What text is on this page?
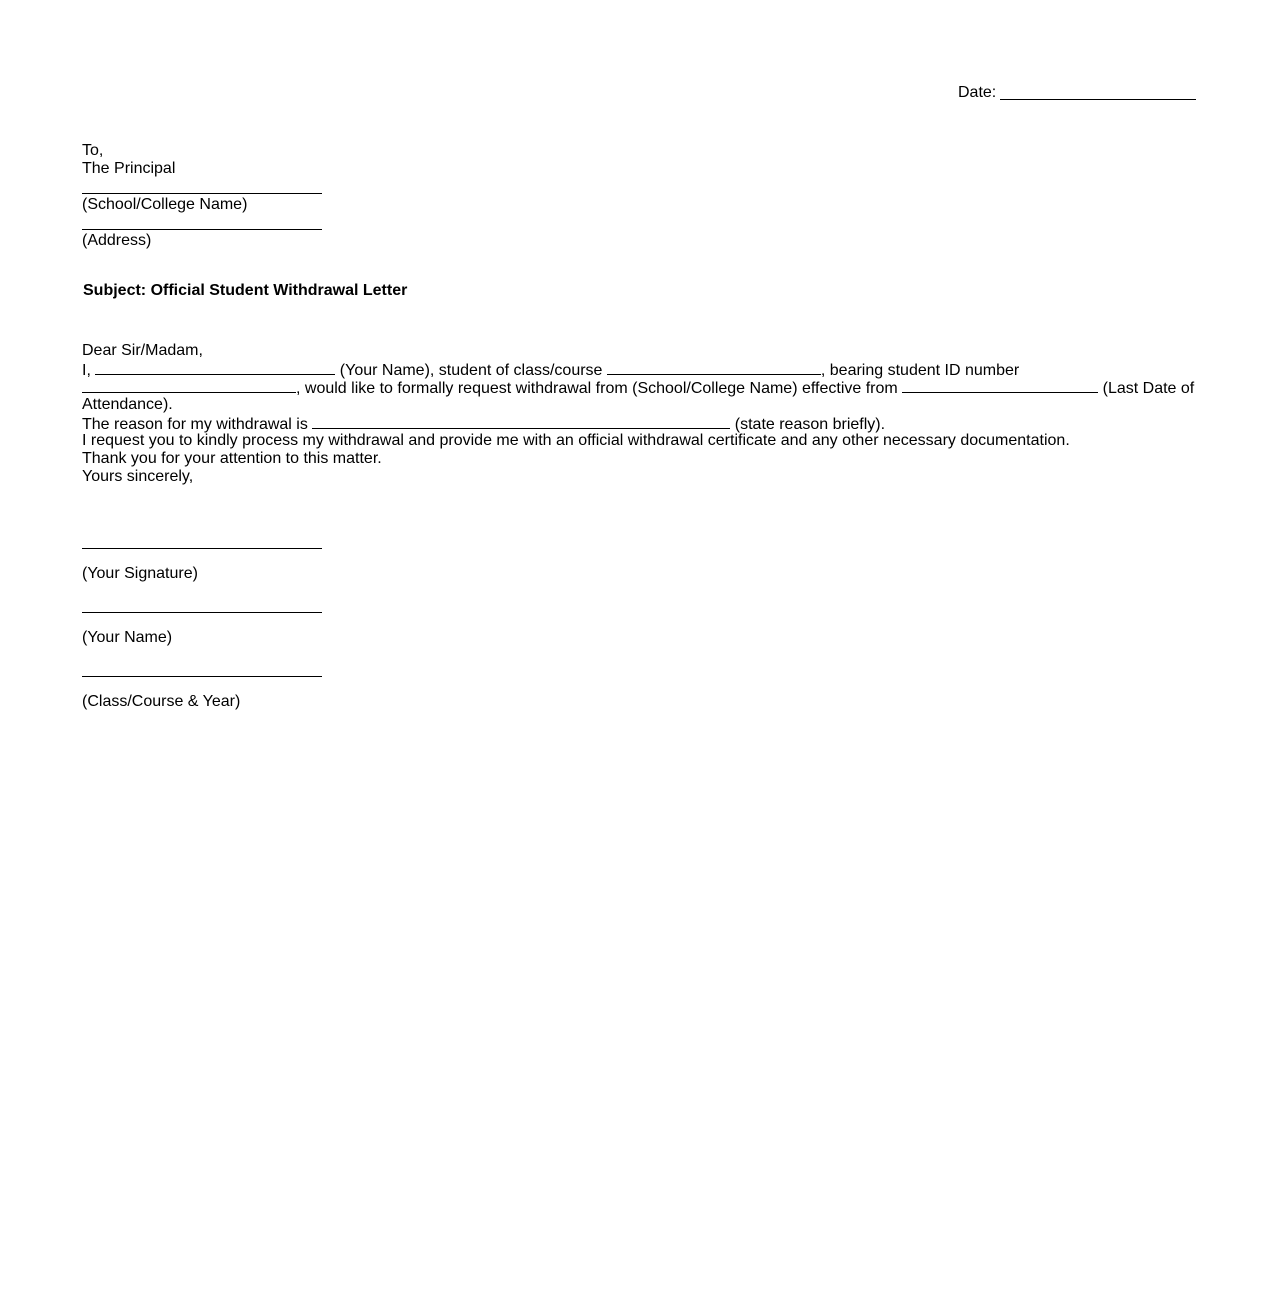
Date:
To,
The Principal
(School/College Name)
(Address)
Subject: Official Student Withdrawal Letter
Dear Sir/Madam,
I,	(Your Name), student of class/course	, bearing student ID number
, would like to formally request withdrawal from (School/College Name) effective from	(Last Date of
Attendance).
The reason for my withdrawal is	(state reason briefly).
I request you to kindly process my withdrawal and provide me with an official withdrawal certificate and any other necessary documentation.
Thank you for your attention to this matter.
Yours sincerely,
(Your Signature)
(Your Name)
(Class/Course & Year)
